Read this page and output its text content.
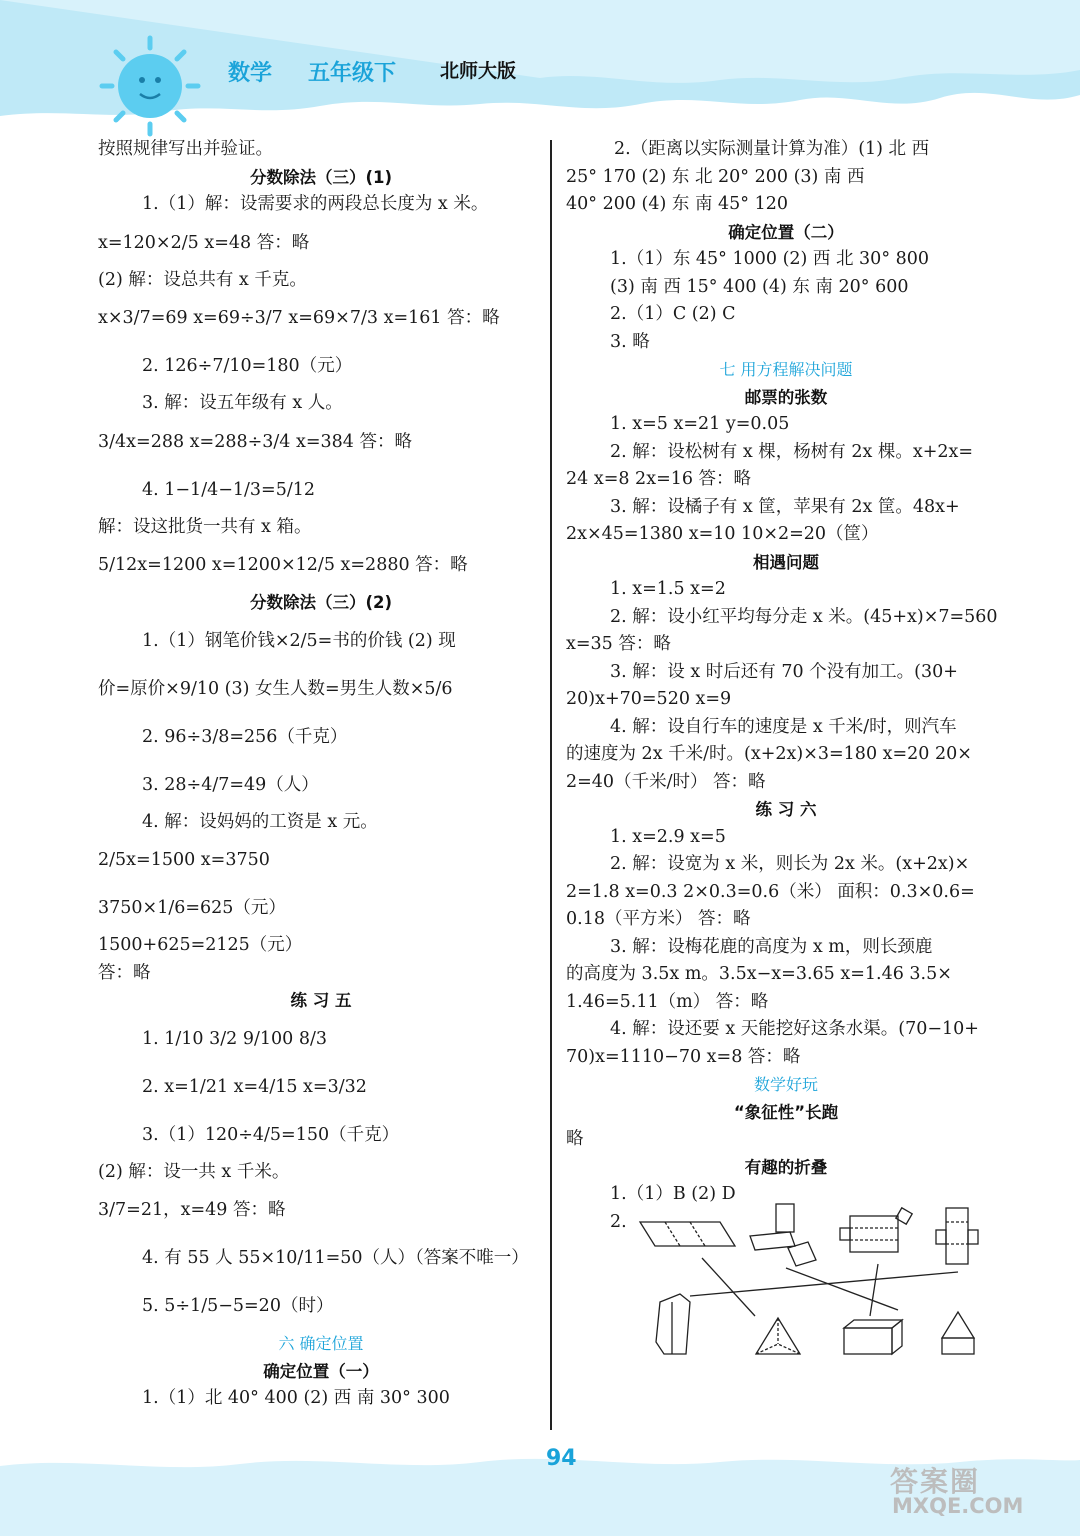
数学 五年级下 北师大版
按照规律写出并验证。
分数除法（三）(1)
1.（1）解：设需要求的两段总长度为 x 米。
x=120×2/5 x=48 答：略
(2) 解：设总共有 x 千克。
x×3/7=69 x=69÷3/7 x=69×7/3 x=161 答：略
2. 126÷7/10=180（元）
3. 解：设五年级有 x 人。
3/4x=288 x=288÷3/4 x=384 答：略
4. 1−1/4−1/3=5/12
解：设这批货一共有 x 箱。
5/12x=1200 x=1200×12/5 x=2880 答：略
分数除法（三）(2)
1.（1）钢笔价钱×2/5=书的价钱 (2) 现
价=原价×9/10 (3) 女生人数=男生人数×5/6
2. 96÷3/8=256（千克）
3. 28÷4/7=49（人）
4. 解：设妈妈的工资是 x 元。
2/5x=1500 x=3750
3750×1/6=625（元）
1500+625=2125（元）
答：略
练 习 五
1. 1/10 3/2 9/100 8/3
2. x=1/21 x=4/15 x=3/32
3.（1）120÷4/5=150（千克）
(2) 解：设一共 x 千米。
3/7=21，x=49 答：略
4. 有 55 人 55×10/11=50（人）（答案不唯一）
5. 5÷1/5−5=20（时）
六 确定位置
确定位置（一）
1.（1）北 40° 400 (2) 西 南 30° 300
2.（距离以实际测量计算为准）(1) 北 西
25° 170 (2) 东 北 20° 200 (3) 南 西
40° 200 (4) 东 南 45° 120
确定位置（二）
1.（1）东 45° 1000 (2) 西 北 30° 800
(3) 南 西 15° 400 (4) 东 南 20° 600
2.（1）C (2) C
3. 略
七 用方程解决问题
邮票的张数
1. x=5 x=21 y=0.05
2. 解：设松树有 x 棵，杨树有 2x 棵。x+2x=
24 x=8 2x=16 答：略
3. 解：设橘子有 x 筐，苹果有 2x 筐。48x+
2x×45=1380 x=10 10×2=20（筐）
相遇问题
1. x=1.5 x=2
2. 解：设小红平均每分走 x 米。(45+x)×7=560
x=35 答：略
3. 解：设 x 时后还有 70 个没有加工。(30+
20)x+70=520 x=9
4. 解：设自行车的速度是 x 千米/时，则汽车
的速度为 2x 千米/时。(x+2x)×3=180 x=20 20×
2=40（千米/时） 答：略
练 习 六
1. x=2.9 x=5
2. 解：设宽为 x 米，则长为 2x 米。(x+2x)×
2=1.8 x=0.3 2×0.3=0.6（米） 面积：0.3×0.6=
0.18（平方米） 答：略
3. 解：设梅花鹿的高度为 x m，则长颈鹿
的高度为 3.5x m。3.5x−x=3.65 x=1.46 3.5×
1.46=5.11（m） 答：略
4. 解：设还要 x 天能挖好这条水渠。(70−10+
70)x=1110−70 x=8 答：略
数学好玩
“象征性”长跑
略
有趣的折叠
1.（1）B (2) D
2.
94
答案圈
MXQE.COM
